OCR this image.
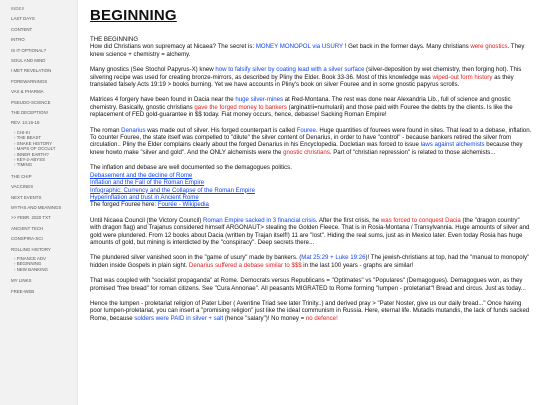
INDEX
LAST DAYS
CONTENT
INTRO
IS IT OPTIONAL?
SOUL AND MIND
I MET REVELATION
FOREWARNINGS
VAX & PHARMA
PSEUDO-SCIENCE
THE DECEPTION!
REV. 13.16-18
› CHI-KI
› THE BEAST
› SNAKE HISTORY
› MAPS OF OCCULT
› INNER EARTH?
› KEY-2-ABYSS
› TIMING
THE CHIP
VACCINES
NEXT EVENTS
MYTHS AND MEANINGS
>> FEBR. 2020 TXT
ANCIENT TECH
CONSPIRA-SCI
ROLLING HISTORY
› FINANCE ADV
› BEGINNING
› NEW BANKING
MY LINKS
FREE-WEB
BEGINNING

THE BEGINNING
How did Christians won supremacy at Nicaea? The secret is: MONEY MONOPOL via USURY ! Get back in the former days. Many christians were gnostics. They knew science + chemistry = alchemy.

Many gnostics (See Stochol Papyrus-X) knew how to falsify silver by coating lead with a silver surface (silver-deposition by wet chemistry, then forging hot). This silvering recipe was used for creating bronze-mirrors, as described by Pliny the Elder. Book 33-36. Most of this knowledge was wiped-out form history as they translated falsely Acts 19:19 > books burning. Yet we have accounts in Pliny's book on silver Fouree and in some gnostic papyrus scrolls.

Matrices 4 forgery have been found in Dacia near the huge silver-mines at Red-Montana. The rest was done near Alexandria Lib., full of science and gnostic chemistry. Basically, gnostic christians gave the forged money to bankers (arginatrii=numularii) and those paid with Fouree the debts by the clients. Is like the replacement of FED gold-guarantee in $$ today. Fiat money occurs, hence, debasse! Sacking Roman Empire!

The roman Denarius was made out of silver. His forged counterpart is called Fouree. Huge quantities of fourees were found in sites. That lead to a debase, inflation. To counter Fouree, the state itself was compelled to "dilute" the silver content of Denarius, in order to have "control" - because bankers retired the silver from circulation.. Pliny the Elder complains clearly about the forged Denarius in his Encyclopedia. Docletian was forced to issue laws against alchemists because they knew howto make "silver and gold". And the ONLY alchemists were the gnostic christians. Part of "christian repression" is related to those alchemists...

The inflation and debase are well documented so the demagogues politics.
Debasement and the decline of Rome
Inflation and the Fall of the Roman Empire
Infographic: Currency and the Collapse of the Roman Empire
Hyperinflation and trust in Ancient Rome
The forged Fouree here: Fourée - Wikipedia

Until Nicaea Council (the Victory Council) Roman Empire sacked in 3 financial crisis. After the first crisis, he was forced to conquest Dacia (the "dragon country" with dragon flag) and Trajanus considered himself ARGONAUT> stealing the Golden Fleece. That is in Rosia-Montana / Transylvannia. Huge amounts of silver and gold were plundered. From 12 books about Dacia (written by Trajan itself!) 11 are "lost". Hiding the real sums, just as in Mexico later. Even today Rosia has huge amounts of gold, but mining is interdicted by the "conspiracy". Deep secrets there...

The plundered silver vanished soon in the "game of usury" made by bankers. (Mat 25:29 + Luke 19:26)! The jewish-christians at top, had the "manual to monopoly" hidden inside Gospels in plain sight. Denarius suffered a debase similar to $$$ in the last 100 years - graphs are similar!

That was coupled with "socialist propaganda" at Rome. Democrats versus Republicans = "Optimates" vs "Populares" (Demagogues). Demagogues won, as they promised "free bread" for roman citizens. See "Cura Annonae". All peasants MIGRATED to Rome forming "lumpen - proletariat"! Bread and circus. Just as today...

Hence the lumpen - proletariat religion of Pater Liber ( Aventine Triad see later Trinity..) and derived pray > "Pater Noster, give us our daily bread..." Once having poor lumpen-proletariat, you can insert a "promising religion" just like the ideal communism in Russia. Here, eternal life. Mutadis mutandis, the lack of funds sacked Rome, because solders were PAID in silver + salt (hence "salary")! No money = no defence!
